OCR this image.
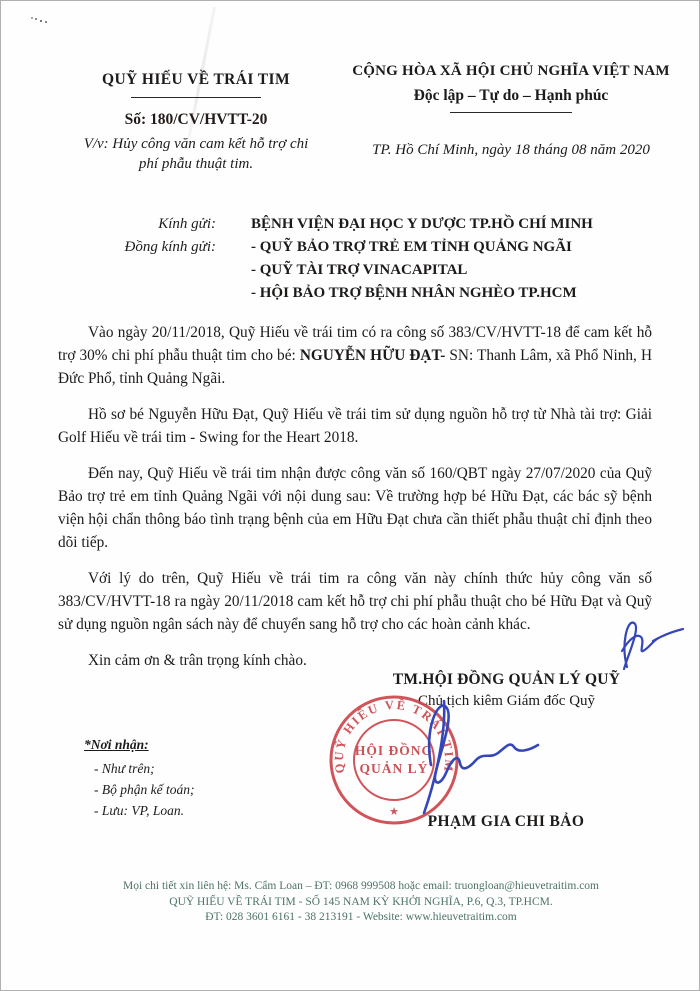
QUỸ HIẾU VỀ TRÁI TIM
Số: 180/CV/HVTT-20
V/v: Hủy công văn cam kết hỗ trợ chi
phí phẫu thuật tim.
CỘNG HÒA XÃ HỘI CHỦ NGHĨA VIỆT NAM
Độc lập – Tự do – Hạnh phúc
TP. Hồ Chí Minh, ngày 18 tháng 08 năm 2020
Kính gửi:	BỆNH VIỆN ĐẠI HỌC Y DƯỢC TP.HỒ CHÍ MINH
Đồng kính gửi:	- QUỸ BẢO TRỢ TRẺ EM TỈNH QUẢNG NGÃI
- QUỸ TÀI TRỢ VINACAPITAL
- HỘI BẢO TRỢ BỆNH NHÂN NGHÈO TP.HCM

Vào ngày 20/11/2018, Quỹ Hiếu về trái tim có ra công số 383/CV/HVTT-18 để cam kết hỗ trợ 30% chi phí phẫu thuật tim cho bé: NGUYỄN HỮU ĐẠT- SN: Thanh Lâm, xã Phổ Ninh, H Đức Phổ, tỉnh Quảng Ngãi.

Hồ sơ bé Nguyễn Hữu Đạt, Quỹ Hiếu về trái tim sử dụng nguồn hỗ trợ từ Nhà tài trợ: Giải Golf Hiếu về trái tim - Swing for the Heart 2018.

Đến nay, Quỹ Hiếu về trái tim nhận được công văn số 160/QBT ngày 27/07/2020 của Quỹ Bảo trợ trẻ em tỉnh Quảng Ngãi với nội dung sau: Về trường hợp bé Hữu Đạt, các bác sỹ bệnh viện hội chẩn thông báo tình trạng bệnh của em Hữu Đạt chưa cần thiết phẫu thuật chỉ định theo dõi tiếp.

Với lý do trên, Quỹ Hiếu về trái tim ra công văn này chính thức hủy công văn số 383/CV/HVTT-18 ra ngày 20/11/2018 cam kết hỗ trợ chi phí phẫu thuật cho bé Hữu Đạt và Quỹ sử dụng nguồn ngân sách này để chuyển sang hỗ trợ cho các hoàn cảnh khác.

Xin cảm ơn & trân trọng kính chào.

TM.HỘI ĐỒNG QUẢN LÝ QUỸ
Chủ tịch kiêm Giám đốc Quỹ
QUỸ HIẾU VỀ TRÁI TIM
HỘI ĐỒNG
QUẢN LÝ
★
PHẠM GIA CHI BẢO
*Nơi nhận:
- Như trên;
- Bộ phận kế toán;
- Lưu: VP, Loan.
Mọi chi tiết xin liên hệ: Ms. Cẩm Loan – ĐT: 0968 999508 hoặc email: truongloan@hieuvetraitim.com
QUỸ HIẾU VỀ TRÁI TIM - SỐ 145 NAM KỲ KHỞI NGHĨA, P.6, Q.3, TP.HCM.
ĐT: 028 3601 6161 - 38 213191 - Website: www.hieuvetraitim.com
